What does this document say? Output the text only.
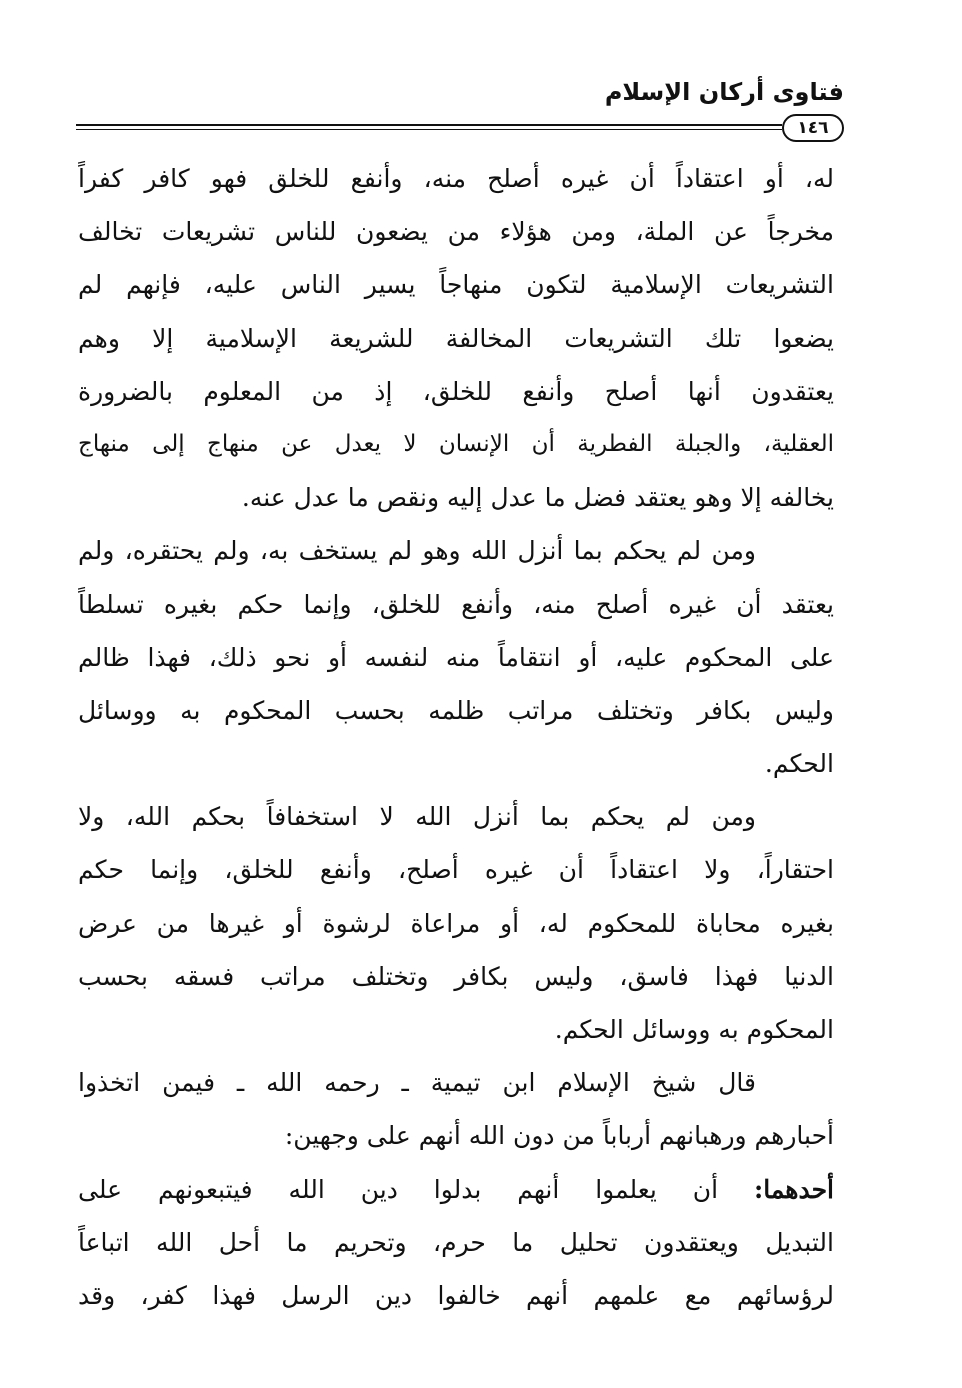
فتاوى أركان الإسلام
١٤٦
له، أو اعتقاداً أن غيره أصلح منه، وأنفع للخلق فهو كافر كفراً
مخرجاً عن الملة، ومن هؤلاء من يضعون للناس تشريعات تخالف
التشريعات الإسلامية لتكون منهاجاً يسير الناس عليه، فإنهم لم
يضعوا تلك التشريعات المخالفة للشريعة الإسلامية إلا وهم
يعتقدون أنها أصلح وأنفع للخلق، إذ من المعلوم بالضرورة
العقلية، والجبلة الفطرية أن الإنسان لا يعدل عن منهاج إلى منهاج
يخالفه إلا وهو يعتقد فضل ما عدل إليه ونقص ما عدل عنه.
ومن لم يحكم بما أنزل الله وهو لم يستخف به، ولم يحتقره، ولم
يعتقد أن غيره أصلح منه، وأنفع للخلق، وإنما حكم بغيره تسلطاً
على المحكوم عليه، أو انتقاماً منه لنفسه أو نحو ذلك، فهذا ظالم
وليس بكافر وتختلف مراتب ظلمه بحسب المحكوم به ووسائل
الحكم.
ومن لم يحكم بما أنزل الله لا استخفافاً بحكم الله، ولا
احتقاراً، ولا اعتقاداً أن غيره أصلح، وأنفع للخلق، وإنما حكم
بغيره محاباة للمحكوم له، أو مراعاة لرشوة أو غيرها من عرض
الدنيا فهذا فاسق، وليس بكافر وتختلف مراتب فسقه بحسب
المحكوم به ووسائل الحكم.
قال شيخ الإسلام ابن تيمية ـ رحمه الله ـ فيمن اتخذوا
أحبارهم ورهبانهم أرباباً من دون الله أنهم على وجهين:
أحدهما: أن يعلموا أنهم بدلوا دين الله فيتبعونهم على
التبديل ويعتقدون تحليل ما حرم، وتحريم ما أحل الله اتباعاً
لرؤسائهم مع علمهم أنهم خالفوا دين الرسل فهذا كفر، وقد
